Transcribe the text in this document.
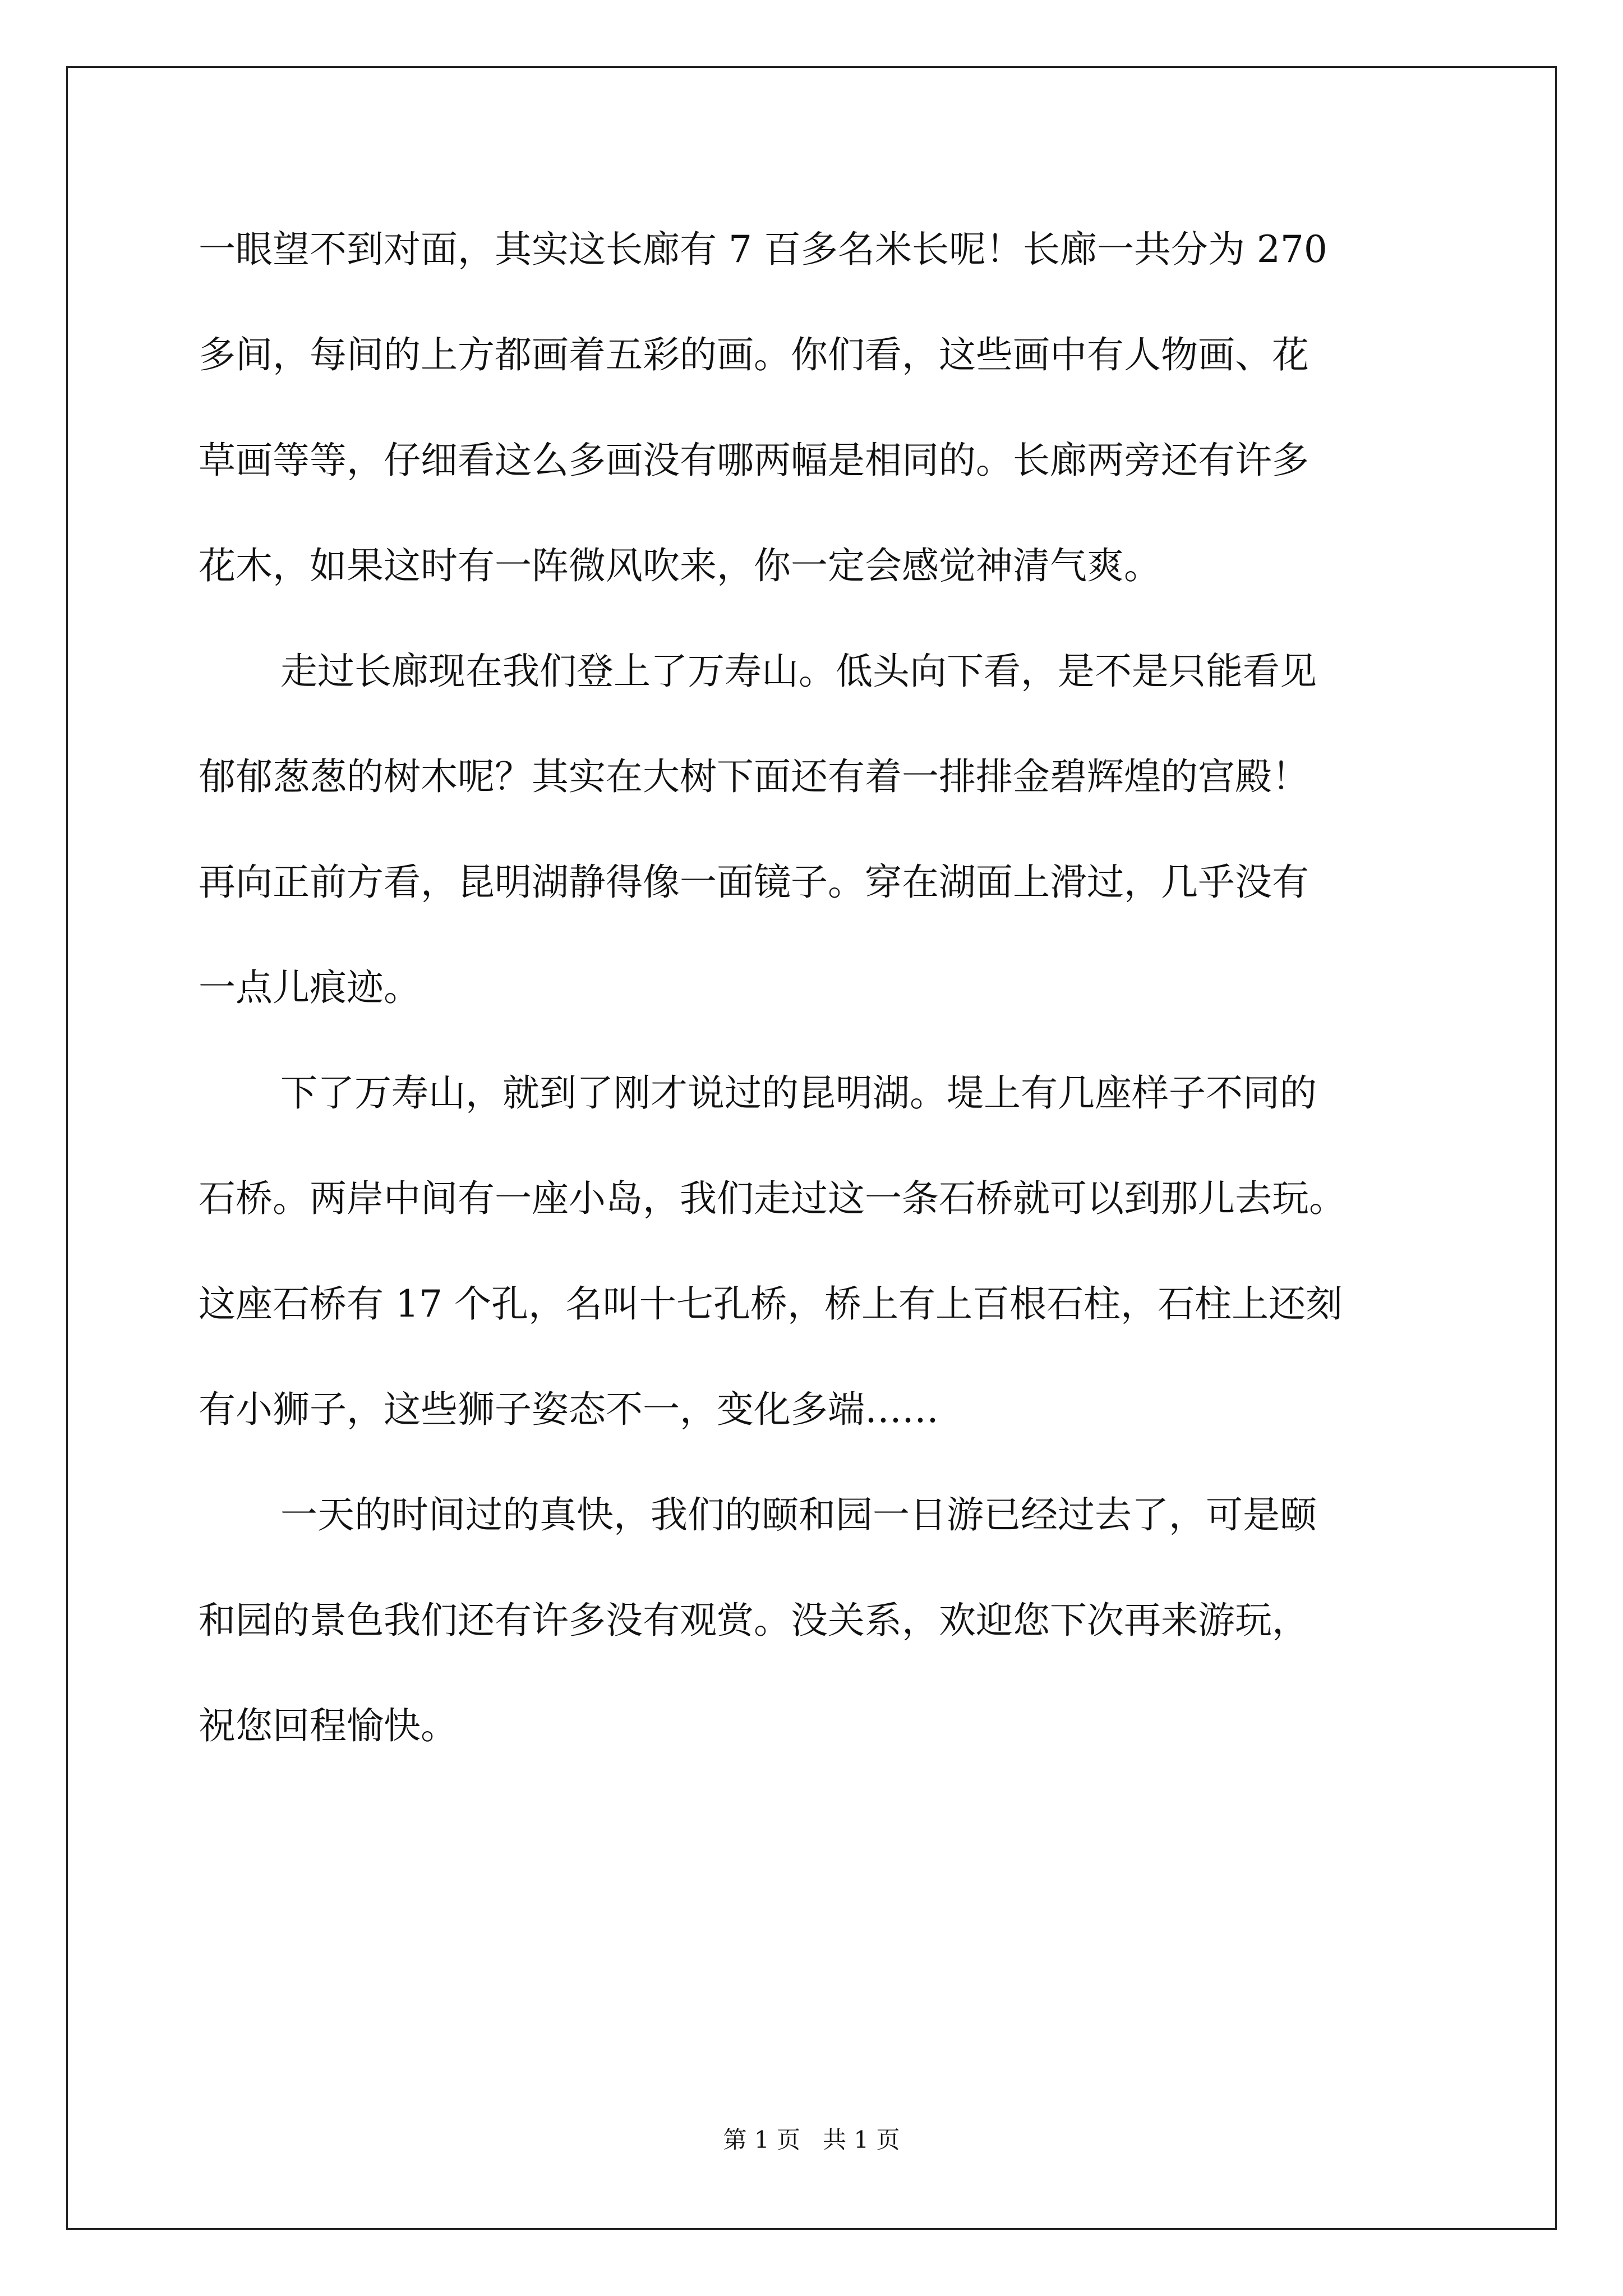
一眼望不到对面，其实这长廊有 7 百多名米长呢！长廊一共分为 270
多间，每间的上方都画着五彩的画。你们看，这些画中有人物画、花
草画等等，仔细看这么多画没有哪两幅是相同的。长廊两旁还有许多
花木，如果这时有一阵微风吹来，你一定会感觉神清气爽。
走过长廊现在我们登上了万寿山。低头向下看，是不是只能看见
郁郁葱葱的树木呢？其实在大树下面还有着一排排金碧辉煌的宫殿！
再向正前方看，昆明湖静得像一面镜子。穿在湖面上滑过，几乎没有
一点儿痕迹。
下了万寿山，就到了刚才说过的昆明湖。堤上有几座样子不同的
石桥。两岸中间有一座小岛，我们走过这一条石桥就可以到那儿去玩。
这座石桥有 17 个孔，名叫十七孔桥，桥上有上百根石柱，石柱上还刻
有小狮子，这些狮子姿态不一，变化多端……
一天的时间过的真快，我们的颐和园一日游已经过去了，可是颐
和园的景色我们还有许多没有观赏。没关系，欢迎您下次再来游玩，
祝您回程愉快。
第 1 页   共 1 页
